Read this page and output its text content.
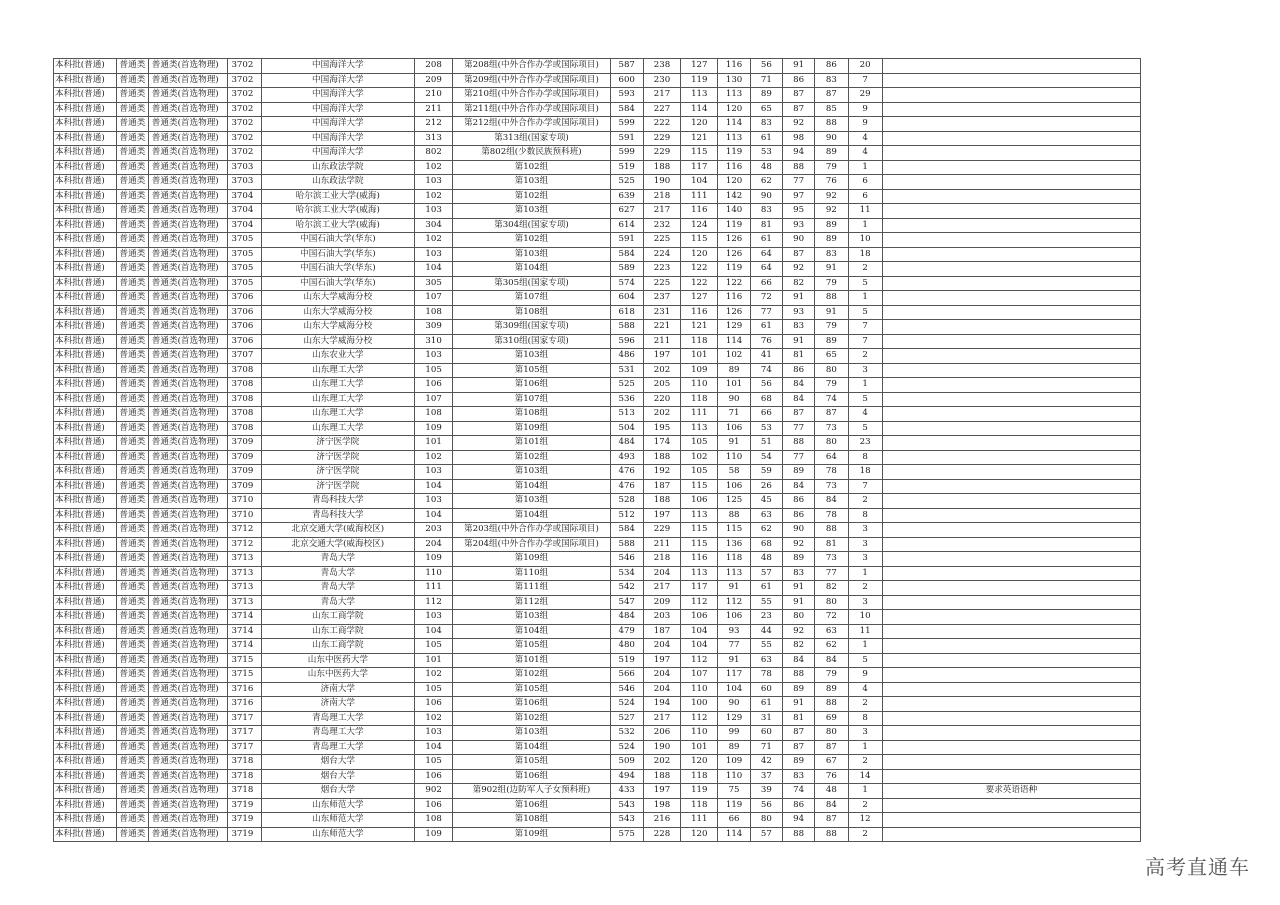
本科批(普通)	普通类	普通类(首选物理)	3702	中国海洋大学	208	第208组(中外合作办学或国际项目)	587	238	127	116	56	91	86	20	
本科批(普通)	普通类	普通类(首选物理)	3702	中国海洋大学	209	第209组(中外合作办学或国际项目)	600	230	119	130	71	86	83	7	
本科批(普通)	普通类	普通类(首选物理)	3702	中国海洋大学	210	第210组(中外合作办学或国际项目)	593	217	113	113	89	87	87	29	
本科批(普通)	普通类	普通类(首选物理)	3702	中国海洋大学	211	第211组(中外合作办学或国际项目)	584	227	114	120	65	87	85	9	
本科批(普通)	普通类	普通类(首选物理)	3702	中国海洋大学	212	第212组(中外合作办学或国际项目)	599	222	120	114	83	92	88	9	
本科批(普通)	普通类	普通类(首选物理)	3702	中国海洋大学	313	第313组(国家专项)	591	229	121	113	61	98	90	4	
本科批(普通)	普通类	普通类(首选物理)	3702	中国海洋大学	802	第802组(少数民族预科班)	599	229	115	119	53	94	89	4	
本科批(普通)	普通类	普通类(首选物理)	3703	山东政法学院	102	第102组	519	188	117	116	48	88	79	1	
本科批(普通)	普通类	普通类(首选物理)	3703	山东政法学院	103	第103组	525	190	104	120	62	77	76	6	
本科批(普通)	普通类	普通类(首选物理)	3704	哈尔滨工业大学(威海)	102	第102组	639	218	111	142	90	97	92	6	
本科批(普通)	普通类	普通类(首选物理)	3704	哈尔滨工业大学(威海)	103	第103组	627	217	116	140	83	95	92	11	
本科批(普通)	普通类	普通类(首选物理)	3704	哈尔滨工业大学(威海)	304	第304组(国家专项)	614	232	124	119	81	93	89	1	
本科批(普通)	普通类	普通类(首选物理)	3705	中国石油大学(华东)	102	第102组	591	225	115	126	61	90	89	10	
本科批(普通)	普通类	普通类(首选物理)	3705	中国石油大学(华东)	103	第103组	584	224	120	126	64	87	83	18	
本科批(普通)	普通类	普通类(首选物理)	3705	中国石油大学(华东)	104	第104组	589	223	122	119	64	92	91	2	
本科批(普通)	普通类	普通类(首选物理)	3705	中国石油大学(华东)	305	第305组(国家专项)	574	225	122	122	66	82	79	5	
本科批(普通)	普通类	普通类(首选物理)	3706	山东大学威海分校	107	第107组	604	237	127	116	72	91	88	1	
本科批(普通)	普通类	普通类(首选物理)	3706	山东大学威海分校	108	第108组	618	231	116	126	77	93	91	5	
本科批(普通)	普通类	普通类(首选物理)	3706	山东大学威海分校	309	第309组(国家专项)	588	221	121	129	61	83	79	7	
本科批(普通)	普通类	普通类(首选物理)	3706	山东大学威海分校	310	第310组(国家专项)	596	211	118	114	76	91	89	7	
本科批(普通)	普通类	普通类(首选物理)	3707	山东农业大学	103	第103组	486	197	101	102	41	81	65	2	
本科批(普通)	普通类	普通类(首选物理)	3708	山东理工大学	105	第105组	531	202	109	89	74	86	80	3	
本科批(普通)	普通类	普通类(首选物理)	3708	山东理工大学	106	第106组	525	205	110	101	56	84	79	1	
本科批(普通)	普通类	普通类(首选物理)	3708	山东理工大学	107	第107组	536	220	118	90	68	84	74	5	
本科批(普通)	普通类	普通类(首选物理)	3708	山东理工大学	108	第108组	513	202	111	71	66	87	87	4	
本科批(普通)	普通类	普通类(首选物理)	3708	山东理工大学	109	第109组	504	195	113	106	53	77	73	5	
本科批(普通)	普通类	普通类(首选物理)	3709	济宁医学院	101	第101组	484	174	105	91	51	88	80	23	
本科批(普通)	普通类	普通类(首选物理)	3709	济宁医学院	102	第102组	493	188	102	110	54	77	64	8	
本科批(普通)	普通类	普通类(首选物理)	3709	济宁医学院	103	第103组	476	192	105	58	59	89	78	18	
本科批(普通)	普通类	普通类(首选物理)	3709	济宁医学院	104	第104组	476	187	115	106	26	84	73	7	
本科批(普通)	普通类	普通类(首选物理)	3710	青岛科技大学	103	第103组	528	188	106	125	45	86	84	2	
本科批(普通)	普通类	普通类(首选物理)	3710	青岛科技大学	104	第104组	512	197	113	88	63	86	78	8	
本科批(普通)	普通类	普通类(首选物理)	3712	北京交通大学(威海校区)	203	第203组(中外合作办学或国际项目)	584	229	115	115	62	90	88	3	
本科批(普通)	普通类	普通类(首选物理)	3712	北京交通大学(威海校区)	204	第204组(中外合作办学或国际项目)	588	211	115	136	68	92	81	3	
本科批(普通)	普通类	普通类(首选物理)	3713	青岛大学	109	第109组	546	218	116	118	48	89	73	3	
本科批(普通)	普通类	普通类(首选物理)	3713	青岛大学	110	第110组	534	204	113	113	57	83	77	1	
本科批(普通)	普通类	普通类(首选物理)	3713	青岛大学	111	第111组	542	217	117	91	61	91	82	2	
本科批(普通)	普通类	普通类(首选物理)	3713	青岛大学	112	第112组	547	209	112	112	55	91	80	3	
本科批(普通)	普通类	普通类(首选物理)	3714	山东工商学院	103	第103组	484	203	106	106	23	80	72	10	
本科批(普通)	普通类	普通类(首选物理)	3714	山东工商学院	104	第104组	479	187	104	93	44	92	63	11	
本科批(普通)	普通类	普通类(首选物理)	3714	山东工商学院	105	第105组	480	204	104	77	55	82	62	1	
本科批(普通)	普通类	普通类(首选物理)	3715	山东中医药大学	101	第101组	519	197	112	91	63	84	84	5	
本科批(普通)	普通类	普通类(首选物理)	3715	山东中医药大学	102	第102组	566	204	107	117	78	88	79	9	
本科批(普通)	普通类	普通类(首选物理)	3716	济南大学	105	第105组	546	204	110	104	60	89	89	4	
本科批(普通)	普通类	普通类(首选物理)	3716	济南大学	106	第106组	524	194	100	90	61	91	88	2	
本科批(普通)	普通类	普通类(首选物理)	3717	青岛理工大学	102	第102组	527	217	112	129	31	81	69	8	
本科批(普通)	普通类	普通类(首选物理)	3717	青岛理工大学	103	第103组	532	206	110	99	60	87	80	3	
本科批(普通)	普通类	普通类(首选物理)	3717	青岛理工大学	104	第104组	524	190	101	89	71	87	87	1	
本科批(普通)	普通类	普通类(首选物理)	3718	烟台大学	105	第105组	509	202	120	109	42	89	67	2	
本科批(普通)	普通类	普通类(首选物理)	3718	烟台大学	106	第106组	494	188	118	110	37	83	76	14	
本科批(普通)	普通类	普通类(首选物理)	3718	烟台大学	902	第902组(边防军人子女预科班)	433	197	119	75	39	74	48	1	要求英语语种
本科批(普通)	普通类	普通类(首选物理)	3719	山东师范大学	106	第106组	543	198	118	119	56	86	84	2	
本科批(普通)	普通类	普通类(首选物理)	3719	山东师范大学	108	第108组	543	216	111	66	80	94	87	12	
本科批(普通)	普通类	普通类(首选物理)	3719	山东师范大学	109	第109组	575	228	120	114	57	88	88	2	
高考直通车
